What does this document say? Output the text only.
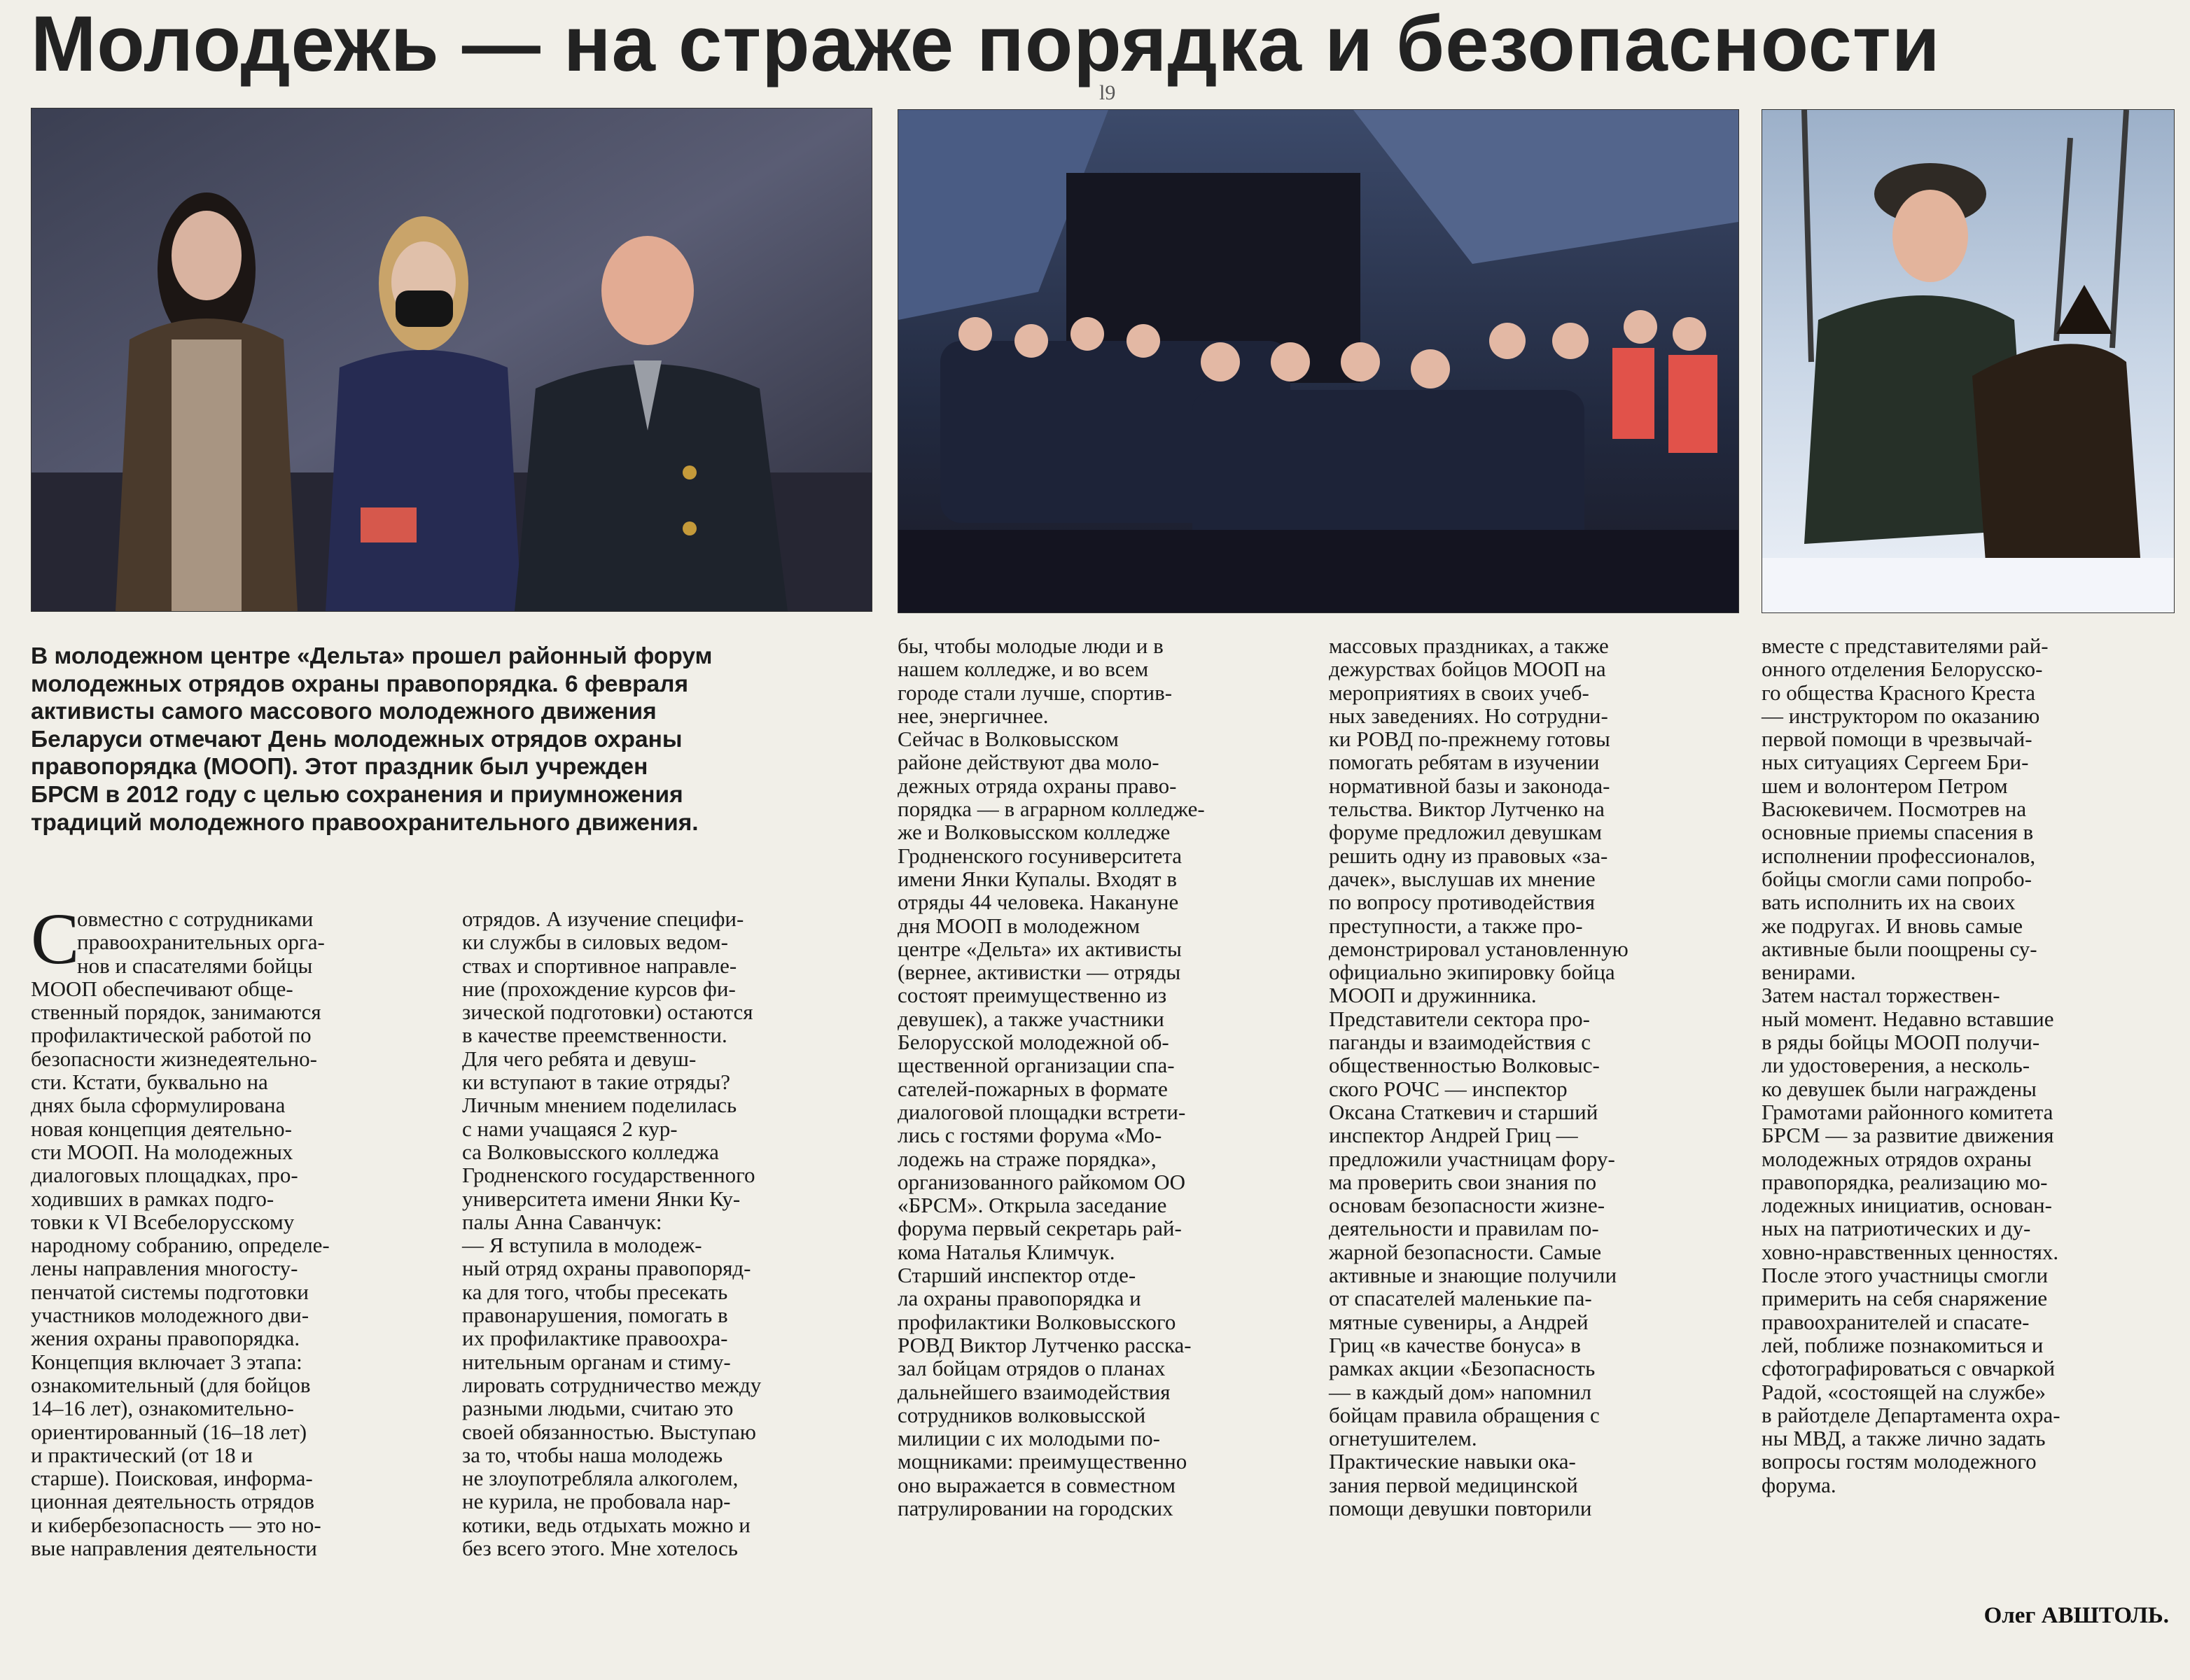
Молодежь — на страже порядка и безопасности
l9

В молодежном центре «Дельта» прошел районный форум

молодежных отрядов охраны правопорядка. 6 февраля

активисты самого массового молодежного движения

Беларуси отмечают День молодежных отрядов охраны

правопорядка (МООП). Этот праздник был учрежден

БРСМ в 2012 году с целью сохранения и приумножения

традиций молодежного правоохранительного движения.

С

овместно с сотрудниками

правоохранительных орга-

нов и спасателями бойцы

МООП обеспечивают обще-

ственный порядок, занимаются

профилактической работой по

безопасности жизнедеятельно-

сти. Кстати, буквально на

днях была сформулирована

новая концепция деятельно-

сти МООП. На молодежных

диалоговых площадках, про-

ходивших в рамках подго-

товки к VI Всебелорусскому

народному собранию, определе-

лены направления многосту-

пенчатой системы подготовки

участников молодежного дви-

жения охраны правопорядка.

Концепция включает 3 этапа:

ознакомительный (для бойцов

14–16 лет), ознакомительно-

ориентированный (16–18 лет)

и практический (от 18 и

старше). Поисковая, информа-

ционная деятельность отрядов

и кибербезопасность — это но-

вые направления деятельности

отрядов. А изучение специфи-

ки службы в силовых ведом-

ствах и спортивное направле-

ние (прохождение курсов фи-

зической подготовки) остаются

в качестве преемственности.

Для чего ребята и девуш-

ки вступают в такие отряды?

Личным мнением поделилась

с нами учащаяся 2 кур-

са Волковысского колледжа

Гродненского государственного

университета имени Янки Ку-

палы Анна Саванчук:

— Я вступила в молодеж-

ный отряд охраны правопоряд-

ка для того, чтобы пресекать

правонарушения, помогать в

их профилактике правоохра-

нительным органам и стиму-

лировать сотрудничество между

разными людьми, считаю это

своей обязанностью. Выступаю

за то, чтобы наша молодежь

не злоупотребляла алкоголем,

не курила, не пробовала нар-

котики, ведь отдыхать можно и

без всего этого. Мне хотелось

бы, чтобы молодые люди и в

нашем колледже, и во всем

городе стали лучше, спортив-

нее, энергичнее.

Сейчас в Волковысском

районе действуют два моло-

дежных отряда охраны право-

порядка — в аграрном колледже-

же и Волковысском колледже

Гродненского госуниверситета

имени Янки Купалы. Входят в

отряды 44 человека. Накануне

дня МООП в молодежном

центре «Дельта» их активисты

(вернее, активистки — отряды

состоят преимущественно из

девушек), а также участники

Белорусской молодежной об-

щественной организации спа-

сателей-пожарных в формате

диалоговой площадки встрети-

лись с гостями форума «Мо-

лодежь на страже порядка»,

организованного райкомом ОО

«БРСМ». Открыла заседание

форума первый секретарь рай-

кома Наталья Климчук.

Старший инспектор отде-

ла охраны правопорядка и

профилактики Волковысского

РОВД Виктор Лутченко расска-

зал бойцам отрядов о планах

дальнейшего взаимодействия

сотрудников волковысской

милиции с их молодыми по-

мощниками: преимущественно

оно выражается в совместном

патрулировании на городских

массовых праздниках, а также

дежурствах бойцов МООП на

мероприятиях в своих учеб-

ных заведениях. Но сотрудни-

ки РОВД по-прежнему готовы

помогать ребятам в изучении

нормативной базы и законода-

тельства. Виктор Лутченко на

форуме предложил девушкам

решить одну из правовых «за-

дачек», выслушав их мнение

по вопросу противодействия

преступности, а также про-

демонстрировал установленную

официально экипировку бойца

МООП и дружинника.

Представители сектора про-

паганды и взаимодействия с

общественностью Волковыс-

ского РОЧС — инспектор

Оксана Статкевич и старший

инспектор Андрей Гриц —

предложили участницам фору-

ма проверить свои знания по

основам безопасности жизне-

деятельности и правилам по-

жарной безопасности. Самые

активные и знающие получили

от спасателей маленькие па-

мятные сувениры, а Андрей

Гриц «в качестве бонуса» в

рамках акции «Безопасность

— в каждый дом» напомнил

бойцам правила обращения с

огнетушителем.

Практические навыки ока-

зания первой медицинской

помощи девушки повторили

вместе с представителями рай-

онного отделения Белорусско-

го общества Красного Креста

— инструктором по оказанию

первой помощи в чрезвычай-

ных ситуациях Сергеем Бри-

шем и волонтером Петром

Васюкевичем. Посмотрев на

основные приемы спасения в

исполнении профессионалов,

бойцы смогли сами попробо-

вать исполнить их на своих

же подругах. И вновь самые

активные были поощрены су-

венирами.

Затем настал торжествен-

ный момент. Недавно вставшие

в ряды бойцы МООП получи-

ли удостоверения, а несколь-

ко девушек были награждены

Грамотами районного комитета

БРСМ — за развитие движения

молодежных отрядов охраны

правопорядка, реализацию мо-

лодежных инициатив, основан-

ных на патриотических и ду-

ховно-нравственных ценностях.

После этого участницы смогли

примерить на себя снаряжение

правоохранителей и спасате-

лей, поближе познакомиться и

сфотографироваться с овчаркой

Радой, «состоящей на службе»

в райотделе Департамента охра-

ны МВД, а также лично задать

вопросы гостям молодежного

форума.

Олег АВШТОЛЬ.
